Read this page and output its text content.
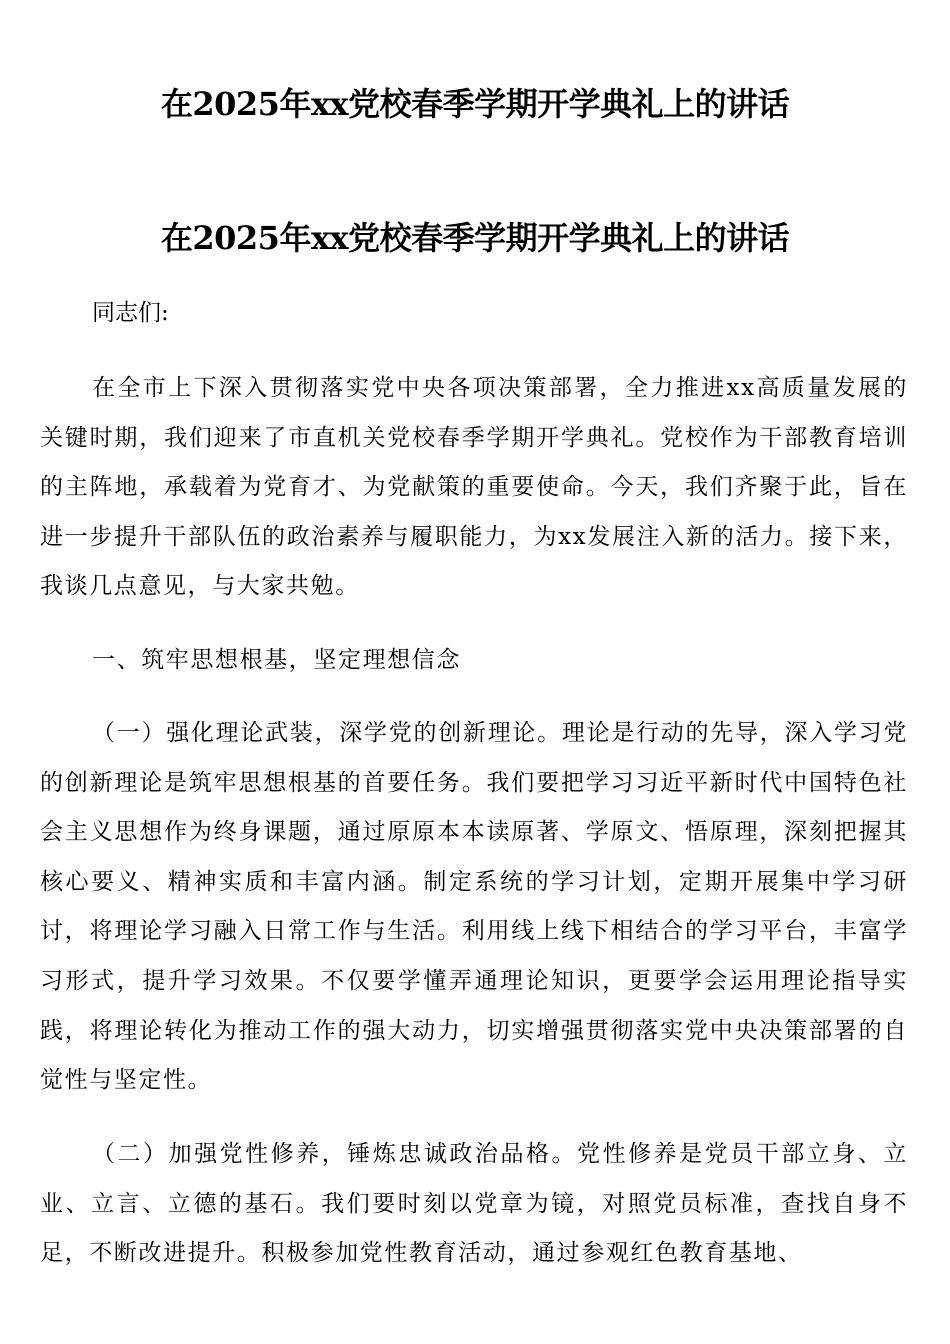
在2025年xx党校春季学期开学典礼上的讲话
在2025年xx党校春季学期开学典礼上的讲话
同志们:

在全市上下深入贯彻落实党中央各项决策部署，全力推进xx高质量发展的关键时期，我们迎来了市直机关党校春季学期开学典礼。党校作为干部教育培训的主阵地，承载着为党育才、为党献策的重要使命。今天，我们齐聚于此，旨在进一步提升干部队伍的政治素养与履职能力，为xx发展注入新的活力。接下来，我谈几点意见，与大家共勉。

一、筑牢思想根基，坚定理想信念

（一）强化理论武装，深学党的创新理论。理论是行动的先导，深入学习党的创新理论是筑牢思想根基的首要任务。我们要把学习习近平新时代中国特色社会主义思想作为终身课题，通过原原本本读原著、学原文、悟原理，深刻把握其核心要义、精神实质和丰富内涵。制定系统的学习计划，定期开展集中学习研讨，将理论学习融入日常工作与生活。利用线上线下相结合的学习平台，丰富学习形式，提升学习效果。不仅要学懂弄通理论知识，更要学会运用理论指导实践，将理论转化为推动工作的强大动力，切实增强贯彻落实党中央决策部署的自觉性与坚定性。

（二）加强党性修养，锤炼忠诚政治品格。党性修养是党员干部立身、立业、立言、立德的基石。我们要时刻以党章为镜，对照党员标准，查找自身不足，不断改进提升。积极参加党性教育活动，通过参观红色教育基地、
